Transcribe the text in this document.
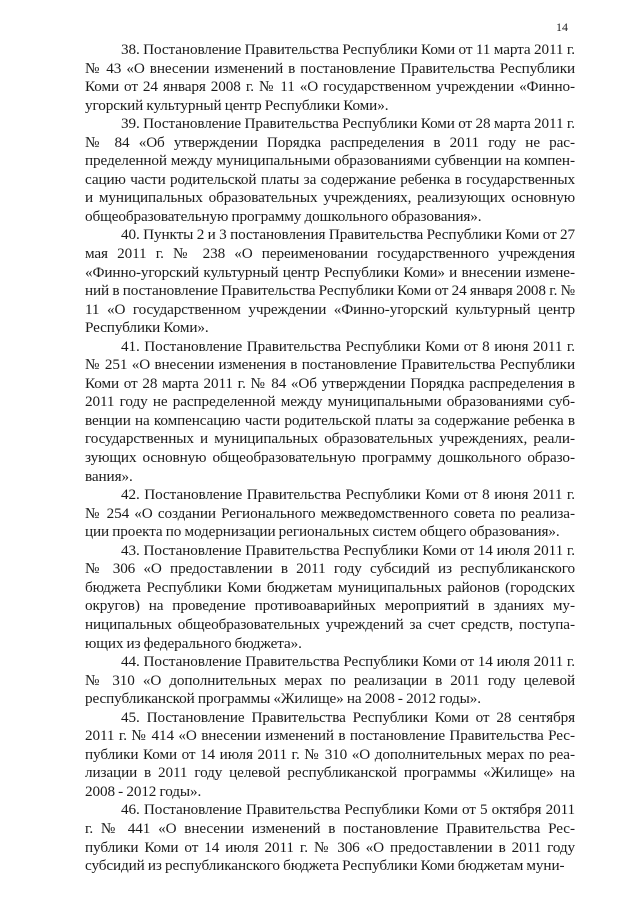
14

38. Постановление Правительства Республики Коми от 11 марта 2011 г. № 43 «О внесении изменений в постановление Правительства Республики Коми от 24 января 2008 г. № 11 «О государственном учреждении «Финно-угорский культурный центр Республики Коми».

39. Постановление Правительства Республики Коми от 28 марта 2011 г. № 84 «Об утверждении Порядка распределения в 2011 году не распределенной между муниципальными образованиями субвенции на компенсацию части родительской платы за содержание ребенка в государственных и муниципальных образовательных учреждениях, реализующих основную общеобразовательную программу дошкольного образования».

40. Пункты 2 и 3 постановления Правительства Республики Коми от 27 мая 2011 г. № 238 «О переименовании государственного учреждения «Финно-угорский культурный центр Республики Коми» и внесении изменений в постановление Правительства Республики Коми от 24 января 2008 г. № 11 «О государственном учреждении «Финно-угорский культурный центр Республики Коми».

41. Постановление Правительства Республики Коми от 8 июня 2011 г. № 251 «О внесении изменения в постановление Правительства Республики Коми от 28 марта 2011 г. № 84 «Об утверждении Порядка распределения в 2011 году не распределенной между муниципальными образованиями субвенции на компенсацию части родительской платы за содержание ребенка в государственных и муниципальных образовательных учреждениях, реализующих основную общеобразовательную программу дошкольного образования».

42. Постановление Правительства Республики Коми от 8 июня 2011 г. № 254 «О создании Регионального межведомственного совета по реализации проекта по модернизации региональных систем общего образования».

43. Постановление Правительства Республики Коми от 14 июля 2011 г. № 306 «О предоставлении в 2011 году субсидий из республиканского бюджета Республики Коми бюджетам муниципальных районов (городских округов) на проведение противоаварийных мероприятий в зданиях муниципальных общеобразовательных учреждений за счет средств, поступающих из федерального бюджета».

44. Постановление Правительства Республики Коми от 14 июля 2011 г. № 310 «О дополнительных мерах по реализации в 2011 году целевой республиканской программы «Жилище» на 2008 - 2012 годы».

45. Постановление Правительства Республики Коми от 28 сентября 2011 г. № 414 «О внесении изменений в постановление Правительства Республики Коми от 14 июля 2011 г. № 310 «О дополнительных мерах по реализации в 2011 году целевой республиканской программы «Жилище» на 2008 - 2012 годы».

46. Постановление Правительства Республики Коми от 5 октября 2011 г. № 441 «О внесении изменений в постановление Правительства Республики Коми от 14 июля 2011 г. № 306 «О предоставлении в 2011 году субсидий из республиканского бюджета Республики Коми бюджетам муни-
